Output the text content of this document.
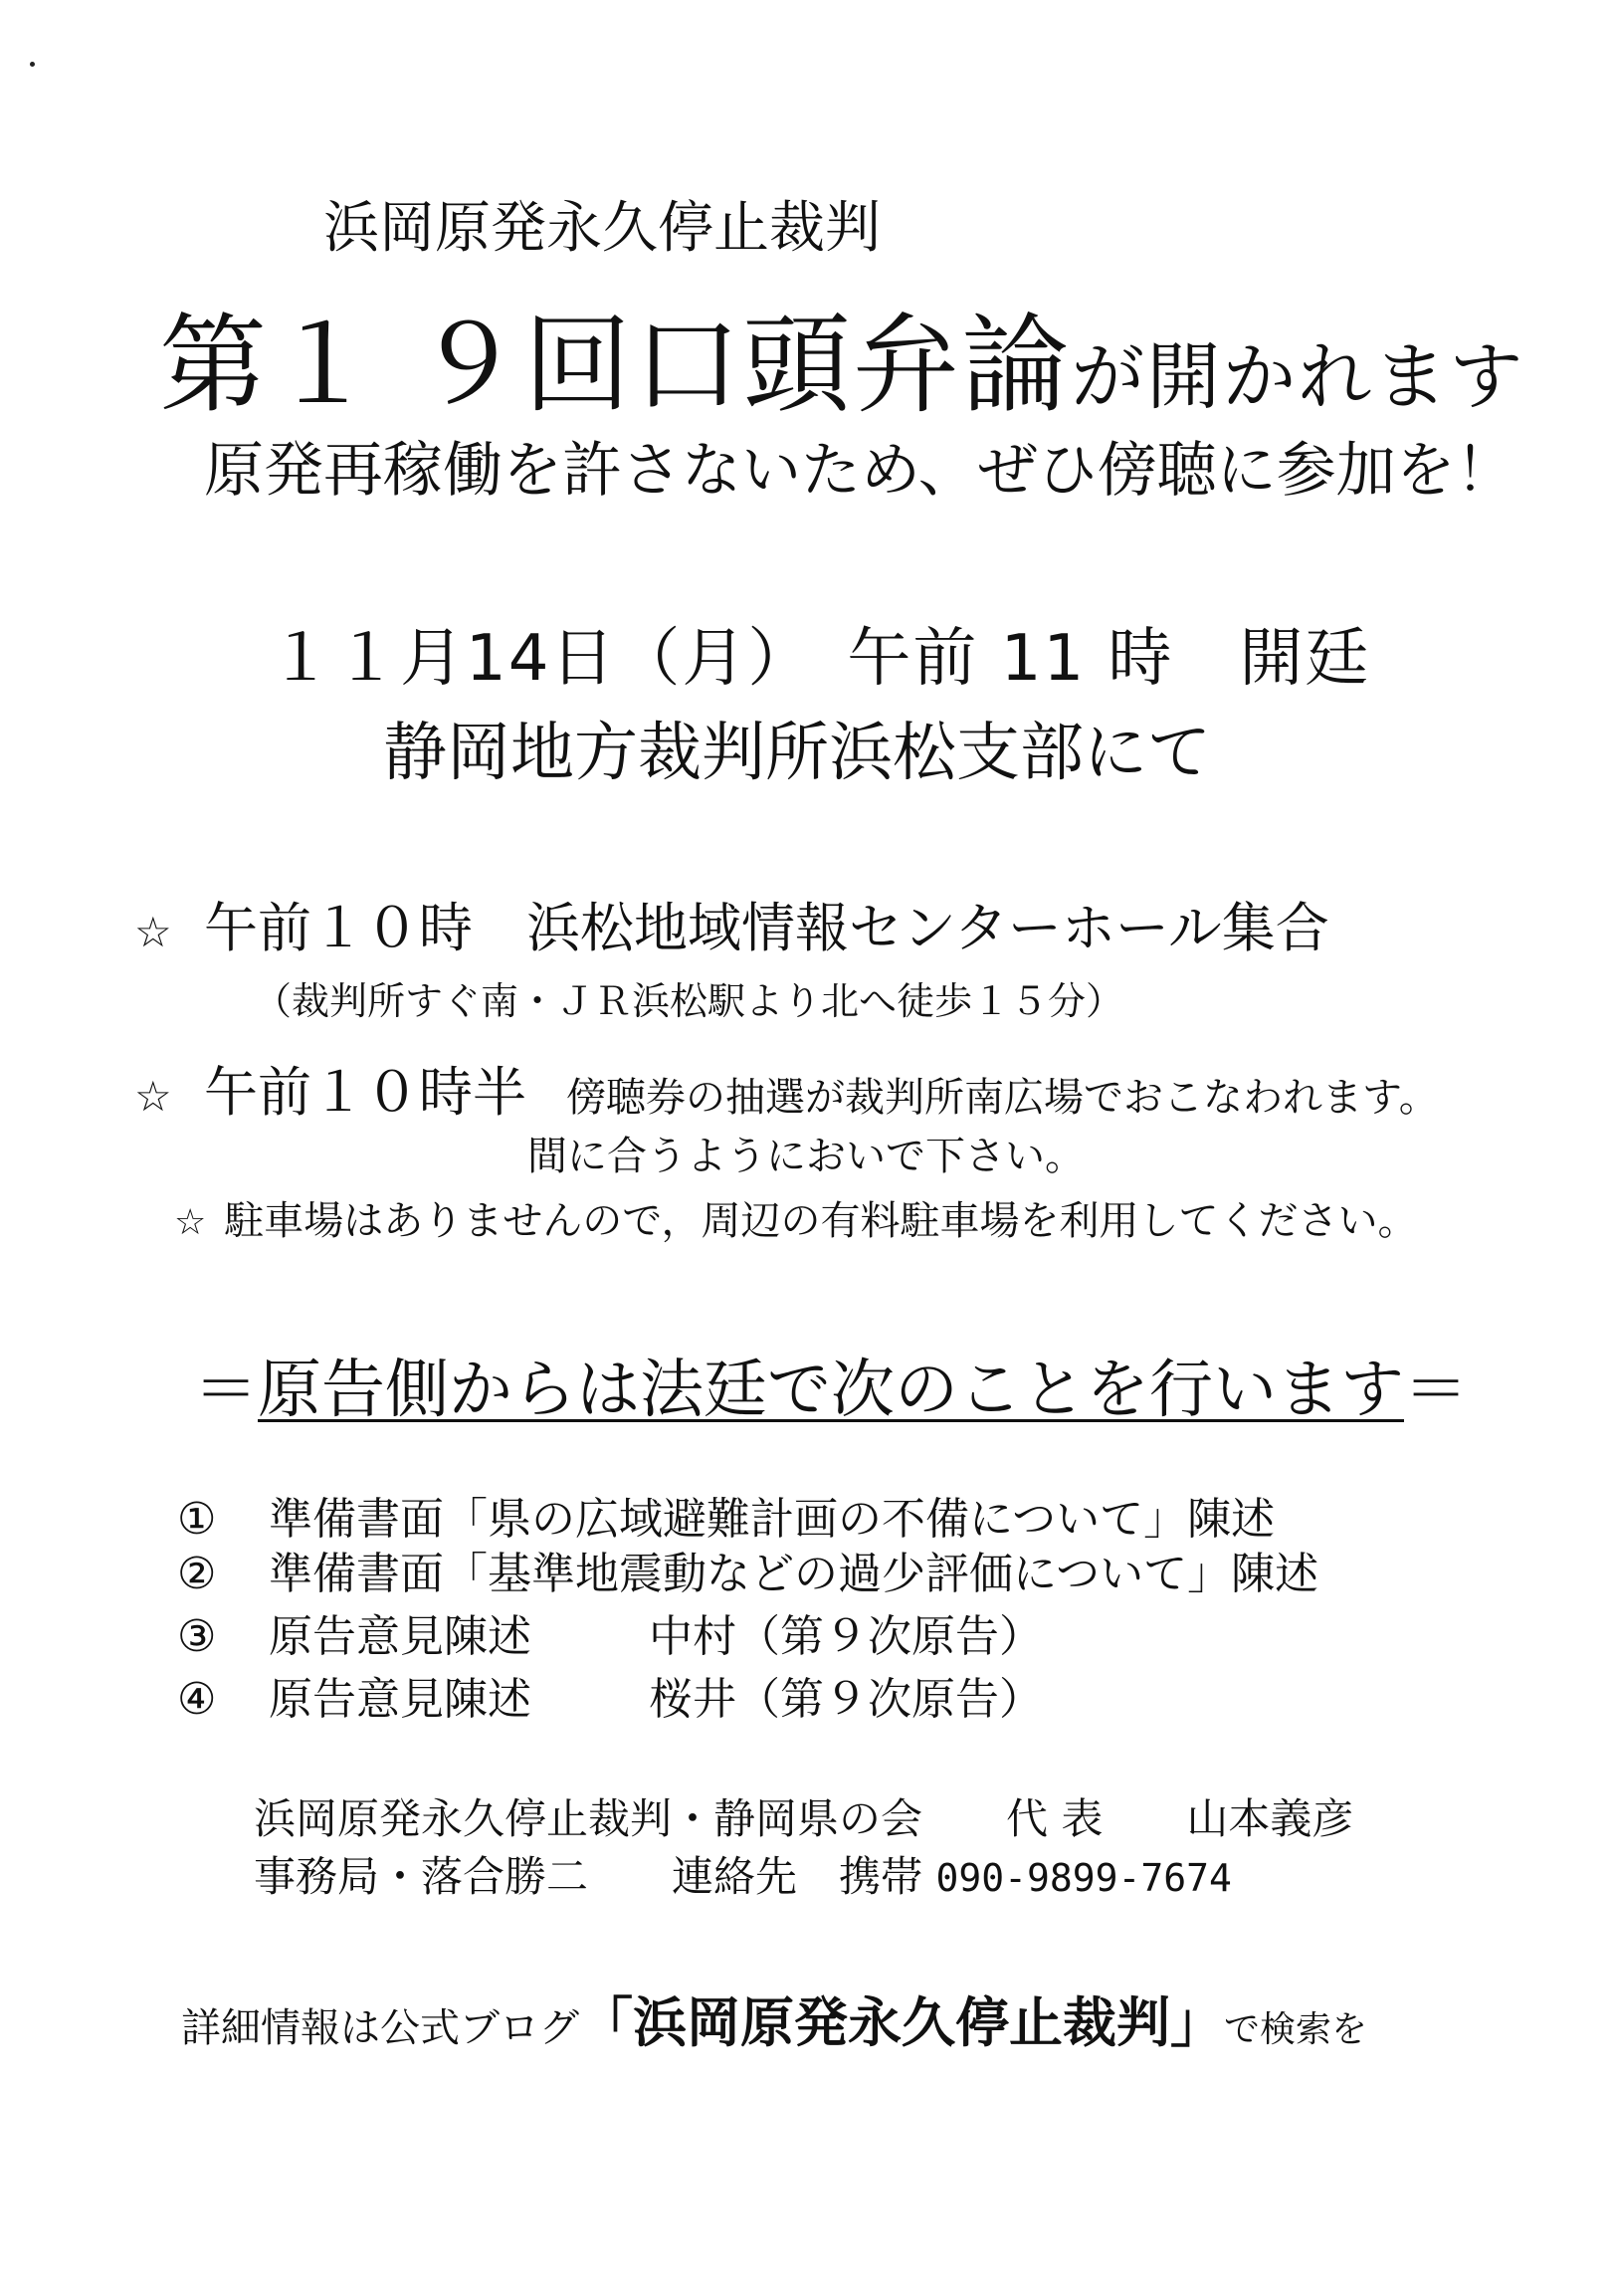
浜岡原発永久停止裁判
第１ ９回口頭弁論が開かれます
原発再稼働を許さないため、ぜひ傍聴に参加を！
１１月14日（月）　午前 11 時　開廷
静岡地方裁判所浜松支部にて
☆ 午前１０時　 浜松地域情報センターホール集合
（裁判所すぐ南・ＪＲ浜松駅より北へ徒歩１５分）
☆ 午前１０時半 傍聴券の抽選が裁判所南広場でおこなわれます。
間に合うようにおいで下さい。
☆ 駐車場はありませんので，周辺の有料駐車場を利用してください。
＝原告側からは法廷で次のことを行います＝
① 準備書面「県の広域避難計画の不備について」陳述
② 準備書面「基準地震動などの過少評価について」陳述
③ 原告意見陳述	中村（第９次原告）
④ 原告意見陳述	桜井（第９次原告）
浜岡原発永久停止裁判・静岡県の会　　 代 表　　 山本義彦
事務局・落合勝二　　 連絡先　 携帯 090-9899-7674
詳細情報は公式ブログ「浜岡原発永久停止裁判」で検索を
